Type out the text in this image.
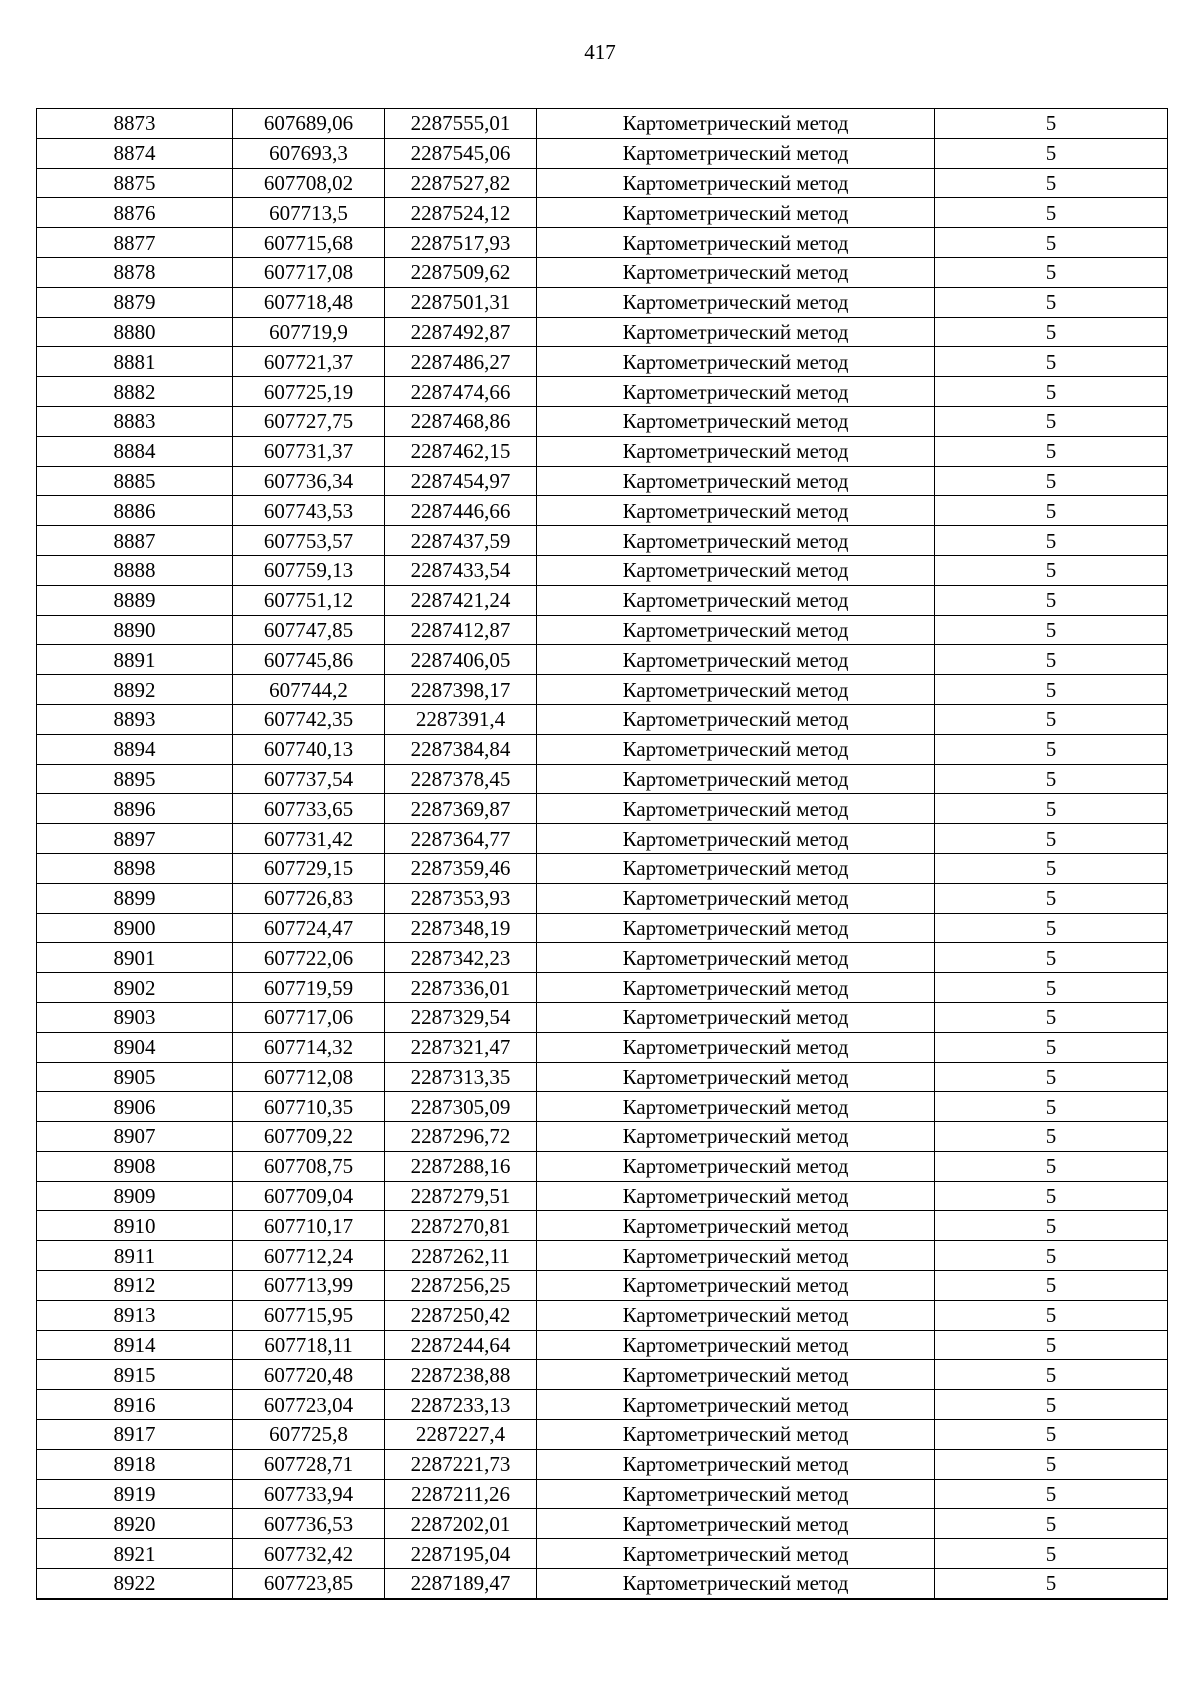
417
8873	607689,06	2287555,01	Картометрический метод	5
8874	607693,3	2287545,06	Картометрический метод	5
8875	607708,02	2287527,82	Картометрический метод	5
8876	607713,5	2287524,12	Картометрический метод	5
8877	607715,68	2287517,93	Картометрический метод	5
8878	607717,08	2287509,62	Картометрический метод	5
8879	607718,48	2287501,31	Картометрический метод	5
8880	607719,9	2287492,87	Картометрический метод	5
8881	607721,37	2287486,27	Картометрический метод	5
8882	607725,19	2287474,66	Картометрический метод	5
8883	607727,75	2287468,86	Картометрический метод	5
8884	607731,37	2287462,15	Картометрический метод	5
8885	607736,34	2287454,97	Картометрический метод	5
8886	607743,53	2287446,66	Картометрический метод	5
8887	607753,57	2287437,59	Картометрический метод	5
8888	607759,13	2287433,54	Картометрический метод	5
8889	607751,12	2287421,24	Картометрический метод	5
8890	607747,85	2287412,87	Картометрический метод	5
8891	607745,86	2287406,05	Картометрический метод	5
8892	607744,2	2287398,17	Картометрический метод	5
8893	607742,35	2287391,4	Картометрический метод	5
8894	607740,13	2287384,84	Картометрический метод	5
8895	607737,54	2287378,45	Картометрический метод	5
8896	607733,65	2287369,87	Картометрический метод	5
8897	607731,42	2287364,77	Картометрический метод	5
8898	607729,15	2287359,46	Картометрический метод	5
8899	607726,83	2287353,93	Картометрический метод	5
8900	607724,47	2287348,19	Картометрический метод	5
8901	607722,06	2287342,23	Картометрический метод	5
8902	607719,59	2287336,01	Картометрический метод	5
8903	607717,06	2287329,54	Картометрический метод	5
8904	607714,32	2287321,47	Картометрический метод	5
8905	607712,08	2287313,35	Картометрический метод	5
8906	607710,35	2287305,09	Картометрический метод	5
8907	607709,22	2287296,72	Картометрический метод	5
8908	607708,75	2287288,16	Картометрический метод	5
8909	607709,04	2287279,51	Картометрический метод	5
8910	607710,17	2287270,81	Картометрический метод	5
8911	607712,24	2287262,11	Картометрический метод	5
8912	607713,99	2287256,25	Картометрический метод	5
8913	607715,95	2287250,42	Картометрический метод	5
8914	607718,11	2287244,64	Картометрический метод	5
8915	607720,48	2287238,88	Картометрический метод	5
8916	607723,04	2287233,13	Картометрический метод	5
8917	607725,8	2287227,4	Картометрический метод	5
8918	607728,71	2287221,73	Картометрический метод	5
8919	607733,94	2287211,26	Картометрический метод	5
8920	607736,53	2287202,01	Картометрический метод	5
8921	607732,42	2287195,04	Картометрический метод	5
8922	607723,85	2287189,47	Картометрический метод	5
